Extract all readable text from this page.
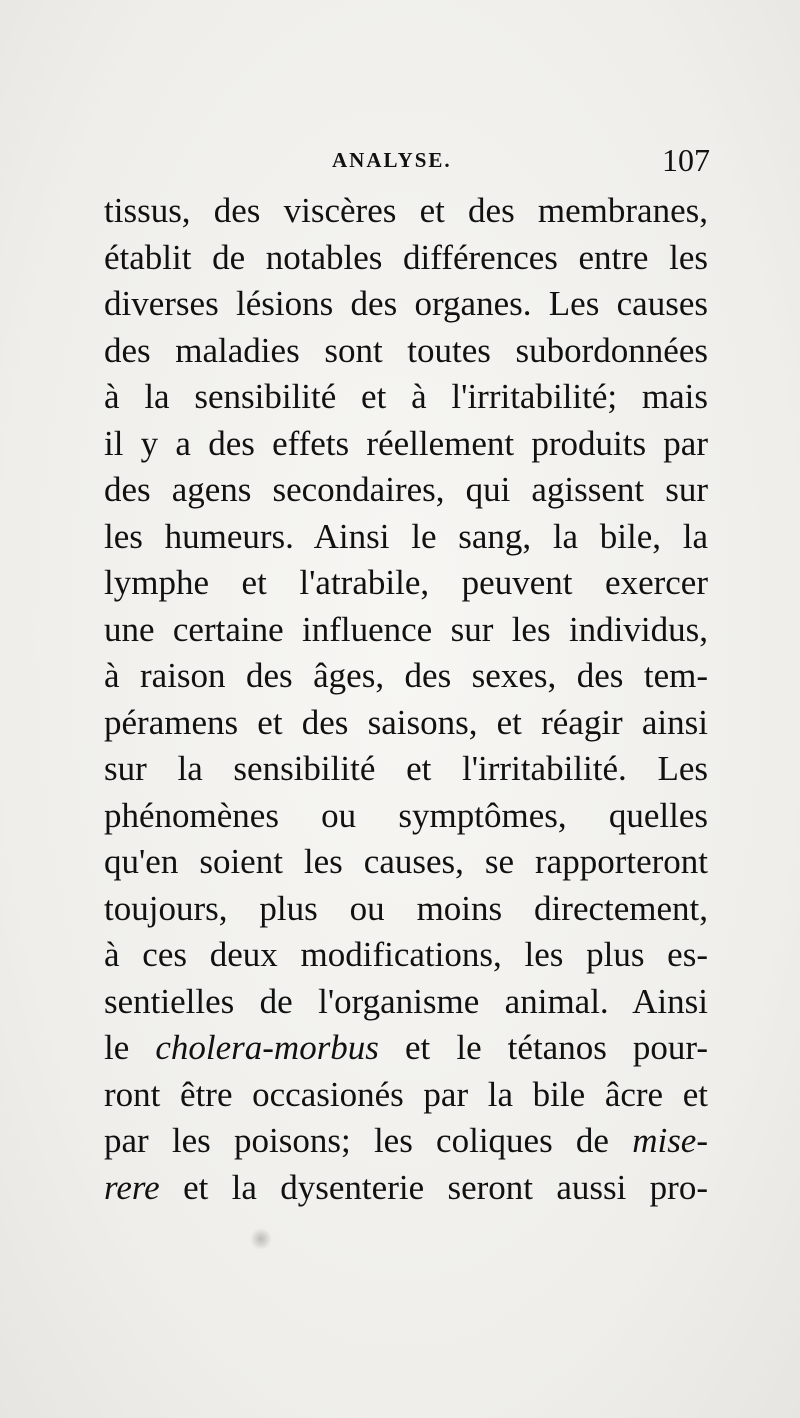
ANALYSE.	107
tissus, des viscères et des membranes,
établit de notables différences entre les
diverses lésions des organes. Les causes
des maladies sont toutes subordonnées
à la sensibilité et à l'irritabilité; mais
il y a des effets réellement produits par
des agens secondaires, qui agissent sur
les humeurs. Ainsi le sang, la bile, la
lymphe et l'atrabile, peuvent exercer
une certaine influence sur les individus,
à raison des âges, des sexes, des tem-
péramens et des saisons, et réagir ainsi
sur la sensibilité et l'irritabilité. Les
phénomènes ou symptômes, quelles
qu'en soient les causes, se rapporteront
toujours, plus ou moins directement,
à ces deux modifications, les plus es-
sentielles de l'organisme animal. Ainsi
le cholera-morbus et le tétanos pour-
ront être occasionés par la bile âcre et
par les poisons; les coliques de mise-
rere et la dysenterie seront aussi pro-
